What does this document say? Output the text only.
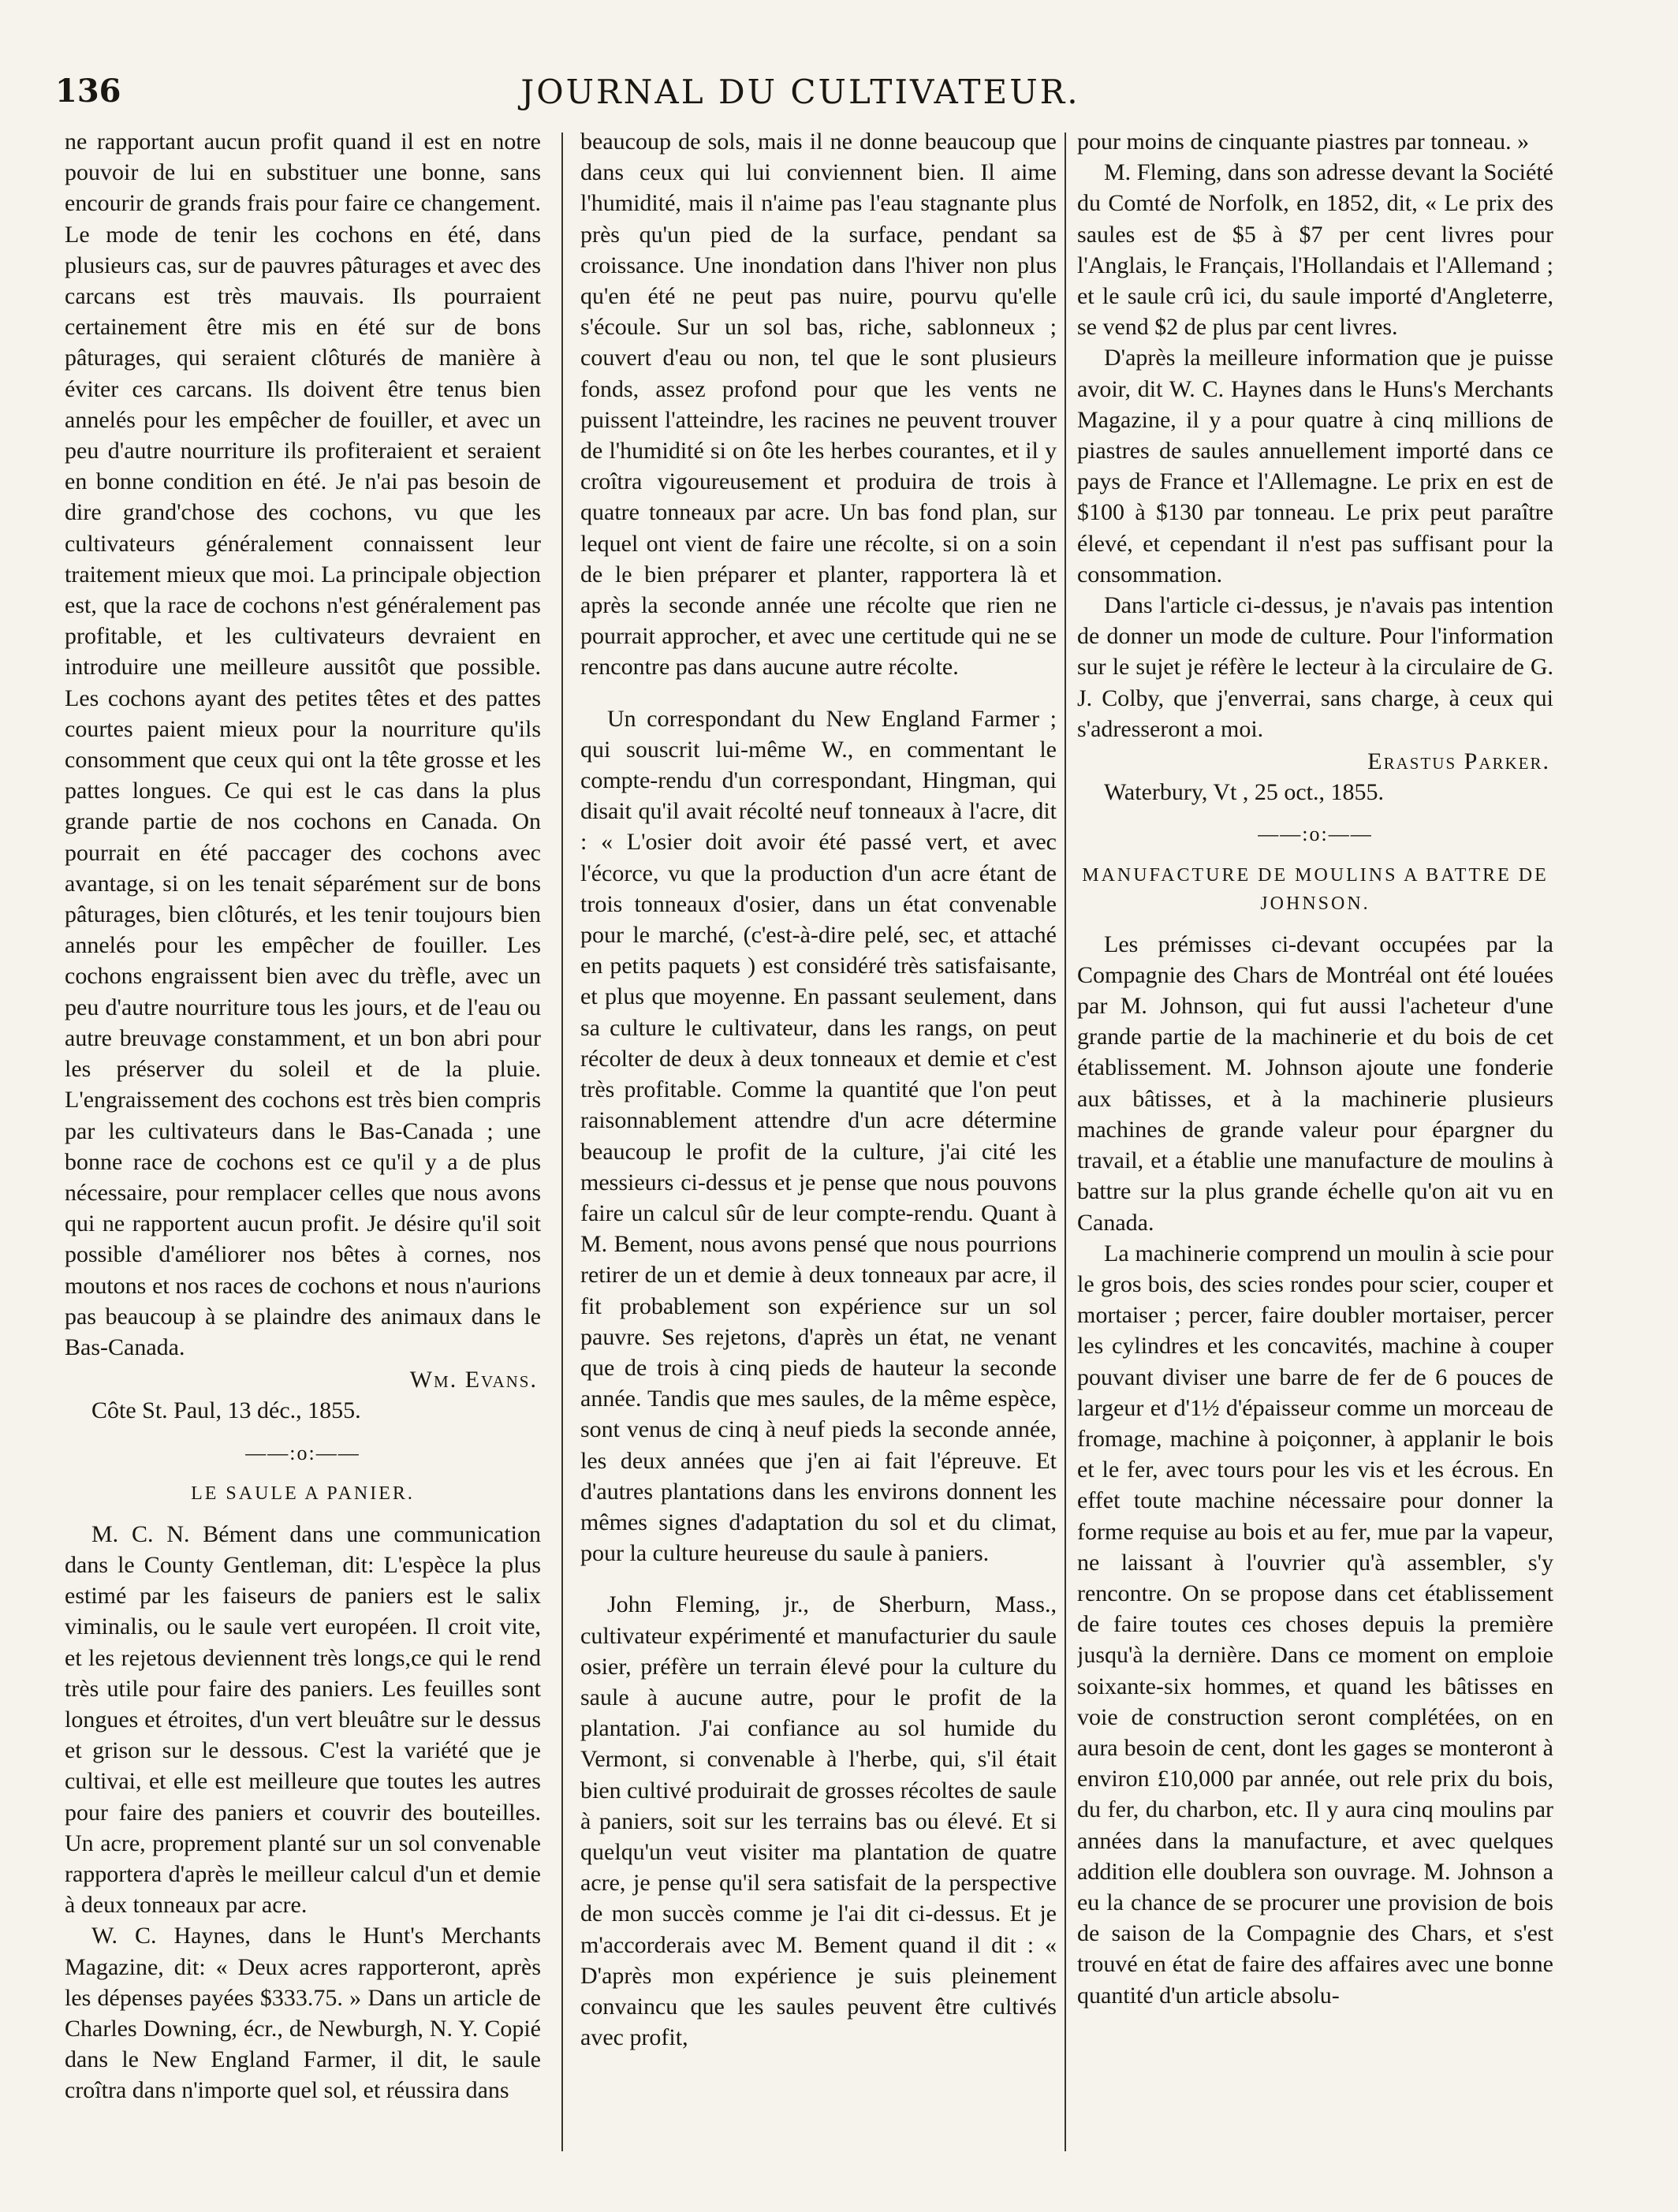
136	JOURNAL DU CULTIVATEUR.

ne rapportant aucun profit quand il est en notre pouvoir de lui en substituer une bonne, sans encourir de grands frais pour faire ce changement. Le mode de tenir les cochons en été, dans plusieurs cas, sur de pauvres pâturages et avec des carcans est très mauvais. Ils pourraient certainement être mis en été sur de bons pâturages, qui seraient clôturés de manière à éviter ces carcans. Ils doivent être tenus bien annelés pour les empêcher de fouiller, et avec un peu d'autre nourriture ils profiteraient et seraient en bonne condition en été. Je n'ai pas besoin de dire grand'chose des cochons, vu que les cultivateurs généralement connaissent leur traitement mieux que moi. La principale objection est, que la race de cochons n'est généralement pas profitable, et les cultivateurs devraient en introduire une meilleure aussitôt que possible. Les cochons ayant des petites têtes et des pattes courtes paient mieux pour la nourriture qu'ils consomment que ceux qui ont la tête grosse et les pattes longues. Ce qui est le cas dans la plus grande partie de nos cochons en Canada. On pourrait en été paccager des cochons avec avantage, si on les tenait séparément sur de bons pâturages, bien clôturés, et les tenir toujours bien annelés pour les empêcher de fouiller. Les cochons engraissent bien avec du trèfle, avec un peu d'autre nourriture tous les jours, et de l'eau ou autre breuvage constamment, et un bon abri pour les préserver du soleil et de la pluie. L'engraissement des cochons est très bien compris par les cultivateurs dans le Bas-Canada ; une bonne race de cochons est ce qu'il y a de plus nécessaire, pour remplacer celles que nous avons qui ne rapportent aucun profit. Je désire qu'il soit possible d'améliorer nos bêtes à cornes, nos moutons et nos races de cochons et nous n'aurions pas beaucoup à se plaindre des animaux dans le Bas-Canada.

Wm. Evans.
Côte St. Paul, 13 déc., 1855.
——:o:——
LE SAULE A PANIER.

M. C. N. Bément dans une communication dans le County Gentleman, dit: L'espèce la plus estimé par les faiseurs de paniers est le salix viminalis, ou le saule vert européen. Il croit vite, et les rejetous deviennent très longs,ce qui le rend très utile pour faire des paniers. Les feuilles sont longues et étroites, d'un vert bleuâtre sur le dessus et grison sur le dessous. C'est la variété que je cultivai, et elle est meilleure que toutes les autres pour faire des paniers et couvrir des bouteilles. Un acre, proprement planté sur un sol convenable rapportera d'après le meilleur calcul d'un et demie à deux tonneaux par acre.

W. C. Haynes, dans le Hunt's Merchants Magazine, dit: « Deux acres rapporteront, après les dépenses payées $333.75. » Dans un article de Charles Downing, écr., de Newburgh, N. Y. Copié dans le New England Farmer, il dit, le saule croîtra dans n'importe quel sol, et réussira dans

beaucoup de sols, mais il ne donne beaucoup que dans ceux qui lui conviennent bien. Il aime l'humidité, mais il n'aime pas l'eau stagnante plus près qu'un pied de la surface, pendant sa croissance. Une inondation dans l'hiver non plus qu'en été ne peut pas nuire, pourvu qu'elle s'écoule. Sur un sol bas, riche, sablonneux ; couvert d'eau ou non, tel que le sont plusieurs fonds, assez profond pour que les vents ne puissent l'atteindre, les racines ne peuvent trouver de l'humidité si on ôte les herbes courantes, et il y croîtra vigoureusement et produira de trois à quatre tonneaux par acre. Un bas fond plan, sur lequel ont vient de faire une récolte, si on a soin de le bien préparer et planter, rapportera là et après la seconde année une récolte que rien ne pourrait approcher, et avec une certitude qui ne se rencontre pas dans aucune autre récolte.

Un correspondant du New England Farmer ; qui souscrit lui-même W., en commentant le compte-rendu d'un correspondant, Hingman, qui disait qu'il avait récolté neuf tonneaux à l'acre, dit : « L'osier doit avoir été passé vert, et avec l'écorce, vu que la production d'un acre étant de trois tonneaux d'osier, dans un état convenable pour le marché, (c'est-à-dire pelé, sec, et attaché en petits paquets ) est considéré très satisfaisante, et plus que moyenne. En passant seulement, dans sa culture le cultivateur, dans les rangs, on peut récolter de deux à deux tonneaux et demie et c'est très profitable. Comme la quantité que l'on peut raisonnablement attendre d'un acre détermine beaucoup le profit de la culture, j'ai cité les messieurs ci-dessus et je pense que nous pouvons faire un calcul sûr de leur compte-rendu. Quant à M. Bement, nous avons pensé que nous pourrions retirer de un et demie à deux tonneaux par acre, il fit probablement son expérience sur un sol pauvre. Ses rejetons, d'après un état, ne venant que de trois à cinq pieds de hauteur la seconde année. Tandis que mes saules, de la même espèce, sont venus de cinq à neuf pieds la seconde année, les deux années que j'en ai fait l'épreuve. Et d'autres plantations dans les environs donnent les mêmes signes d'adaptation du sol et du climat, pour la culture heureuse du saule à paniers.

John Fleming, jr., de Sherburn, Mass., cultivateur expérimenté et manufacturier du saule osier, préfère un terrain élevé pour la culture du saule à aucune autre, pour le profit de la plantation. J'ai confiance au sol humide du Vermont, si convenable à l'herbe, qui, s'il était bien cultivé produirait de grosses récoltes de saule à paniers, soit sur les terrains bas ou élevé. Et si quelqu'un veut visiter ma plantation de quatre acre, je pense qu'il sera satisfait de la perspective de mon succès comme je l'ai dit ci-dessus. Et je m'accorderais avec M. Bement quand il dit : « D'après mon expérience je suis pleinement convaincu que les saules peuvent être cultivés avec profit,

pour moins de cinquante piastres par tonneau. »

M. Fleming, dans son adresse devant la Société du Comté de Norfolk, en 1852, dit, « Le prix des saules est de $5 à $7 per cent livres pour l'Anglais, le Français, l'Hollandais et l'Allemand ; et le saule crû ici, du saule importé d'Angleterre, se vend $2 de plus par cent livres.

D'après la meilleure information que je puisse avoir, dit W. C. Haynes dans le Huns's Merchants Magazine, il y a pour quatre à cinq millions de piastres de saules annuellement importé dans ce pays de France et l'Allemagne. Le prix en est de $100 à $130 par tonneau. Le prix peut paraître élevé, et cependant il n'est pas suffisant pour la consommation.

Dans l'article ci-dessus, je n'avais pas intention de donner un mode de culture. Pour l'information sur le sujet je réfère le lecteur à la circulaire de G. J. Colby, que j'enverrai, sans charge, à ceux qui s'adresseront a moi.

Erastus Parker.
Waterbury, Vt , 25 oct., 1855.
——:o:——
MANUFACTURE DE MOULINS A BATTRE DE JOHNSON.

Les prémisses ci-devant occupées par la Compagnie des Chars de Montréal ont été louées par M. Johnson, qui fut aussi l'acheteur d'une grande partie de la machinerie et du bois de cet établissement. M. Johnson ajoute une fonderie aux bâtisses, et à la machinerie plusieurs machines de grande valeur pour épargner du travail, et a établie une manufacture de moulins à battre sur la plus grande échelle qu'on ait vu en Canada.

La machinerie comprend un moulin à scie pour le gros bois, des scies rondes pour scier, couper et mortaiser ; percer, faire doubler mortaiser, percer les cylindres et les concavités, machine à couper pouvant diviser une barre de fer de 6 pouces de largeur et d'1½ d'épaisseur comme un morceau de fromage, machine à poiçonner, à applanir le bois et le fer, avec tours pour les vis et les écrous. En effet toute machine nécessaire pour donner la forme requise au bois et au fer, mue par la vapeur, ne laissant à l'ouvrier qu'à assembler, s'y rencontre. On se propose dans cet établissement de faire toutes ces choses depuis la première jusqu'à la dernière. Dans ce moment on emploie soixante-six hommes, et quand les bâtisses en voie de construction seront complétées, on en aura besoin de cent, dont les gages se monteront à environ £10,000 par année, out rele prix du bois, du fer, du charbon, etc. Il y aura cinq moulins par années dans la manufacture, et avec quelques addition elle doublera son ouvrage. M. Johnson a eu la chance de se procurer une provision de bois de saison de la Compagnie des Chars, et s'est trouvé en état de faire des affaires avec une bonne quantité d'un article absolu-
